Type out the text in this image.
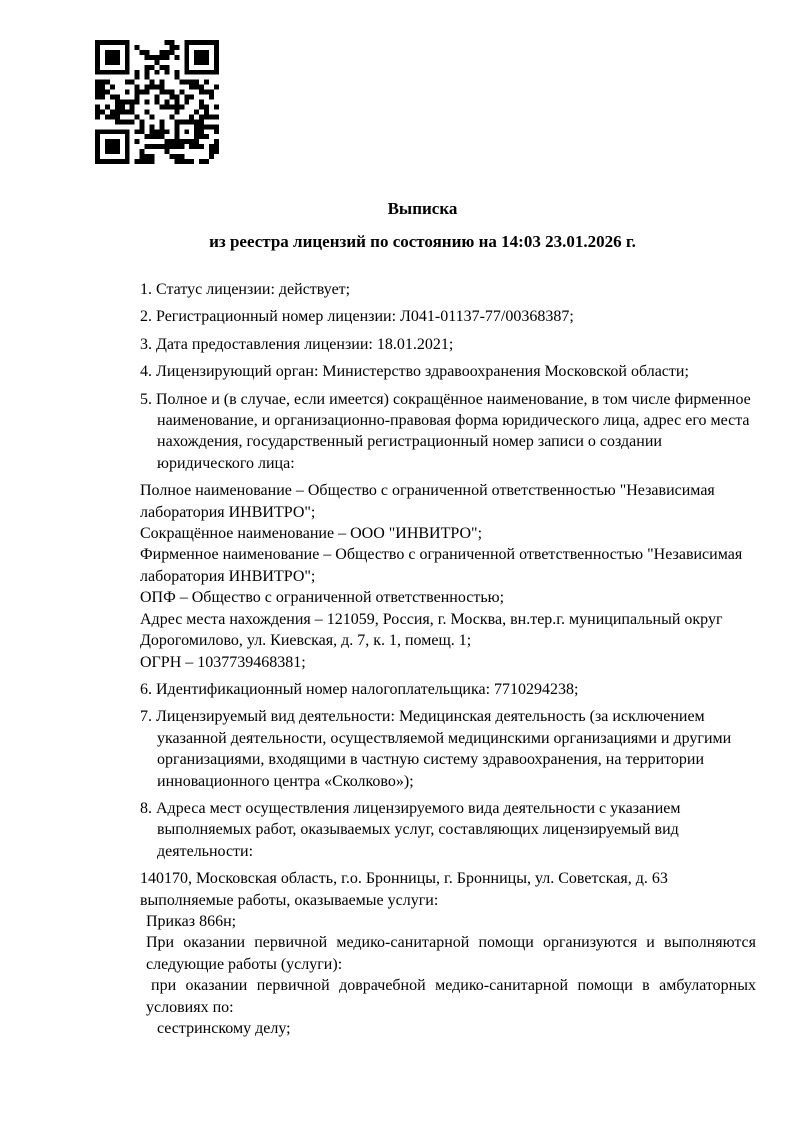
Выписка
из реестра лицензий по состоянию на 14:03 23.01.2026 г.

1. Статус лицензии: действует;

2. Регистрационный номер лицензии: Л041-01137-77/00368387;

3. Дата предоставления лицензии: 18.01.2021;

4. Лицензирующий орган: Министерство здравоохранения Московской области;

5. Полное и (в случае, если имеется) сокращённое наименование, в том числе фирменное
наименование, и организационно-правовая форма юридического лица, адрес его места
нахождения, государственный регистрационный номер записи о создании
юридического лица:
Полное наименование – Общество с ограниченной ответственностью "Независимая
лаборатория ИНВИТРО";
Сокращённое наименование – ООО "ИНВИТРО";
Фирменное наименование – Общество с ограниченной ответственностью "Независимая
лаборатория ИНВИТРО";
ОПФ – Общество с ограниченной ответственностью;
Адрес места нахождения – 121059, Россия, г. Москва, вн.тер.г. муниципальный округ
Дорогомилово, ул. Киевская, д. 7, к. 1, помещ. 1;
ОГРН – 1037739468381;

6. Идентификационный номер налогоплательщика: 7710294238;

7. Лицензируемый вид деятельности: Медицинская деятельность (за исключением
указанной деятельности, осуществляемой медицинскими организациями и другими
организациями, входящими в частную систему здравоохранения, на территории
инновационного центра «Сколково»);
8. Адреса мест осуществления лицензируемого вида деятельности с указанием
выполняемых работ, оказываемых услуг, составляющих лицензируемый вид
деятельности:
140170, Московская область, г.о. Бронницы, г. Бронницы, ул. Советская, д. 63
выполняемые работы, оказываемые услуги:
Приказ 866н;
При оказании первичной медико-санитарной помощи организуются и выполняются
следующие работы (услуги):
при оказании первичной доврачебной медико-санитарной помощи в амбулаторных
условиях по:
сестринскому делу;
